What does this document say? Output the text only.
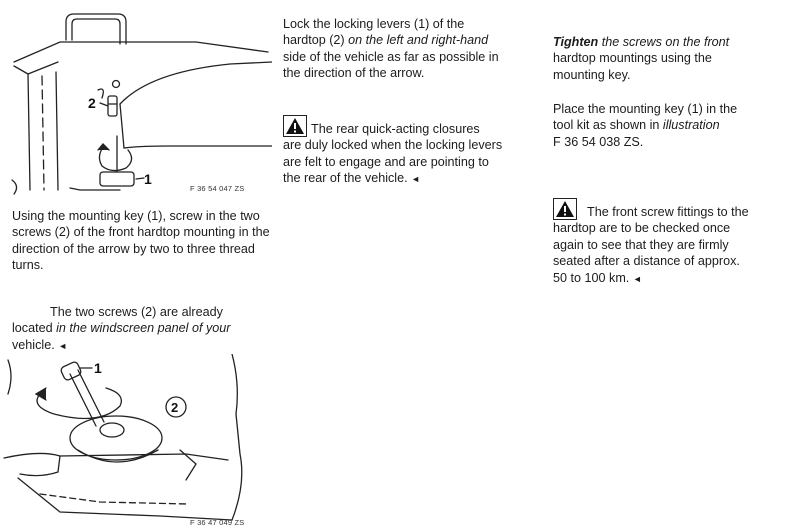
2
1
F 36 54 047 ZS
Using the mounting key (1), screw in the two screws (2) of the front hardtop mounting in the direction of the arrow by two to three thread turns.
The two screws (2) are already
located in the windscreen panel of your
vehicle. ◄
1
2
F 36 47 049 ZS
Lock the locking levers (1) of the
hardtop (2) on the left and right-hand
side of the vehicle as far as possible in
the direction of the arrow.
The rear quick-acting closures
are duly locked when the locking levers
are felt to engage and are pointing to
the rear of the vehicle. ◄
Tighten the screws on the front
hardtop mountings using the
mounting key.
Place the mounting key (1) in the
tool kit as shown in illustration
F 36 54 038 ZS.
The front screw fittings to the
hardtop are to be checked once
again to see that they are firmly
seated after a distance of approx.
50 to 100 km. ◄
